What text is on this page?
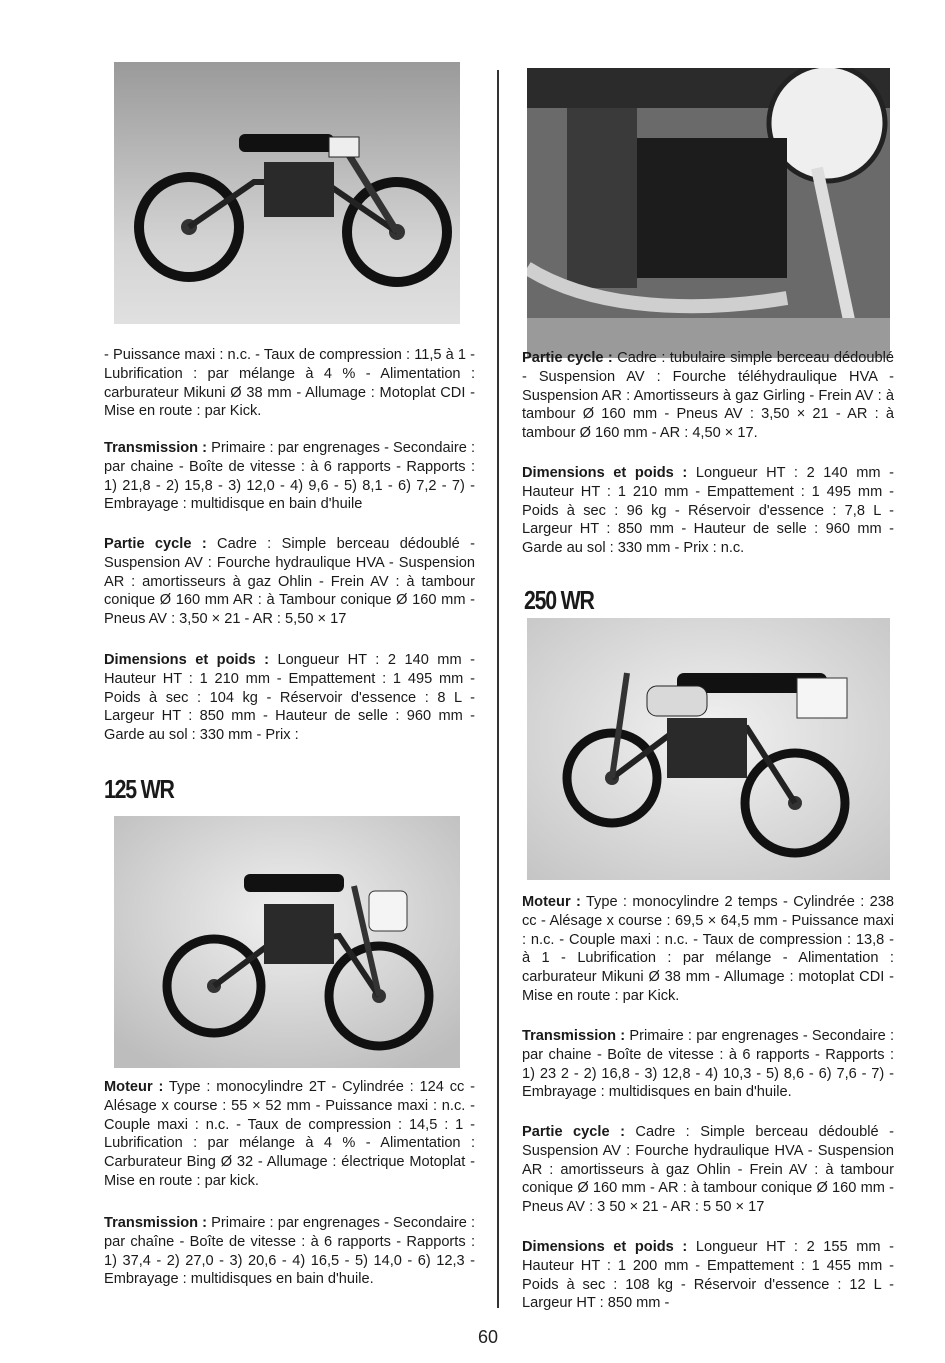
- Puissance maxi : n.c. - Taux de compression : 11,5 à 1 - Lubrification : par mélange à 4 % - Alimentation : carburateur Mikuni Ø 38 mm - Allumage : Motoplat CDI - Mise en route : par Kick.

Transmission : Primaire : par engrenages - Secondaire : par chaine - Boîte de vitesse : à 6 rapports - Rapports : 1) 21,8 - 2) 15,8 - 3) 12,0 - 4) 9,6 - 5) 8,1 - 6) 7,2 - 7) - Embrayage : multidisque en bain d'huile

Partie cycle : Cadre : Simple berceau dédoublé - Suspension AV : Fourche hydraulique HVA - Suspension AR : amortisseurs à gaz Ohlin - Frein AV : à tambour conique Ø 160 mm AR : à Tambour conique Ø 160 mm - Pneus AV : 3,50 × 21 - AR : 5,50 × 17

Dimensions et poids : Longueur HT : 2 140 mm - Hauteur HT : 1 210 mm - Empattement : 1 495 mm - Poids à sec : 104 kg - Réservoir d'essence : 8 L - Largeur HT : 850 mm - Hauteur de selle : 960 mm - Garde au sol : 330 mm - Prix :

125 WR

Moteur : Type : monocylindre 2T - Cylindrée : 124 cc - Alésage x course : 55 × 52 mm - Puissance maxi : n.c. - Couple maxi : n.c. - Taux de compression : 14,5 : 1 - Lubrification : par mélange à 4 % - Alimentation : Carburateur Bing Ø 32 - Allumage : électrique Motoplat - Mise en route : par kick.

Transmission : Primaire : par engrenages - Secondaire : par chaîne - Boîte de vitesse : à 6 rapports - Rapports : 1) 37,4 - 2) 27,0 - 3) 20,6 - 4) 16,5 - 5) 14,0 - 6) 12,3 - Embrayage : multidisques en bain d'huile.

Partie cycle : Cadre : tubulaire simple berceau dédoublé - Suspension AV : Fourche téléhydraulique HVA - Suspension AR : Amortisseurs à gaz Girling - Frein AV : à tambour Ø 160 mm - Pneus AV : 3,50 × 21 - AR : à tambour Ø 160 mm - AR : 4,50 × 17.

Dimensions et poids : Longueur HT : 2 140 mm - Hauteur HT : 1 210 mm - Empattement : 1 495 mm - Poids à sec : 96 kg - Réservoir d'essence : 7,8 L - Largeur HT : 850 mm - Hauteur de selle : 960 mm - Garde au sol : 330 mm - Prix : n.c.

250 WR

Moteur : Type : monocylindre 2 temps - Cylindrée : 238 cc - Alésage x course : 69,5 × 64,5 mm - Puissance maxi : n.c. - Couple maxi : n.c. - Taux de compression : 13,8 - à 1 - Lubrification : par mélange - Alimentation : carburateur Mikuni Ø 38 mm - Allumage : motoplat CDI - Mise en route : par Kick.

Transmission : Primaire : par engrenages - Secondaire : par chaine - Boîte de vitesse : à 6 rapports - Rapports : 1) 23 2 - 2) 16,8 - 3) 12,8 - 4) 10,3 - 5) 8,6 - 6) 7,6 - 7) - Embrayage : multidisques en bain d'huile.

Partie cycle : Cadre : Simple berceau dédoublé - Suspension AV : Fourche hydraulique HVA - Suspension AR : amortisseurs à gaz Ohlin - Frein AV : à tambour conique Ø 160 mm - AR : à tambour conique Ø 160 mm - Pneus AV : 3 50 × 21 - AR : 5 50 × 17

Dimensions et poids : Longueur HT : 2 155 mm - Hauteur HT : 1 200 mm - Empattement : 1 455 mm - Poids à sec : 108 kg - Réservoir d'essence : 12 L - Largeur HT : 850 mm -

60
